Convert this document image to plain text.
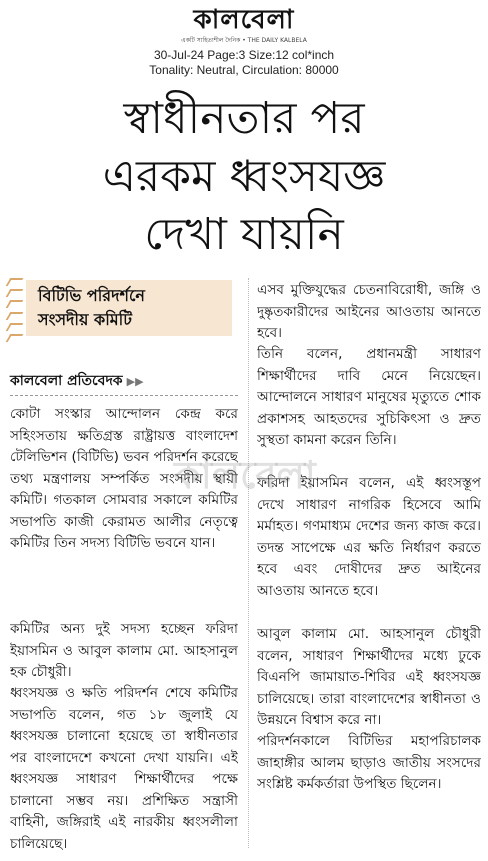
কালবেলা
একটি সাহিত্যশীল দৈনিক • THE DAILY KALBELA
30-Jul-24 Page:3 Size:12 col*inch
Tonality: Neutral, Circulation: 80000
স্বাধীনতার পর
এরকম ধ্বংসযজ্ঞ
দেখা যায়নি
বিটিভি পরিদর্শনে
সংসদীয় কমিটি
কালবেলা প্রতিবেদক ▶▶

কোটা সংস্কার আন্দোলন কেন্দ্র করে সহিংসতায় ক্ষতিগ্রস্ত রাষ্ট্রায়ত্ত বাংলাদেশ টেলিভিশন (বিটিভি) ভবন পরিদর্শন করেছে তথ্য মন্ত্রণালয় সম্পর্কিত সংসদীয় স্থায়ী কমিটি। গতকাল সোমবার সকালে কমিটির সভাপতি কাজী কেরামত আলীর নেতৃত্বে কমিটির তিন সদস্য বিটিভি ভবনে যান।

কমিটির অন্য দুই সদস্য হচ্ছেন ফরিদা ইয়াসমিন ও আবুল কালাম মো. আহসানুল হক চৌধুরী।

ধ্বংসযজ্ঞ ও ক্ষতি পরিদর্শন শেষে কমিটির সভাপতি বলেন, গত ১৮ জুলাই যে ধ্বংসযজ্ঞ চালানো হয়েছে তা স্বাধীনতার পর বাংলাদেশে কখনো দেখা যায়নি। এই ধ্বংসযজ্ঞ সাধারণ শিক্ষার্থীদের পক্ষে চালানো সম্ভব নয়। প্রশিক্ষিত সন্ত্রাসী বাহিনী, জঙ্গিরাই এই নারকীয় ধ্বংসলীলা চালিয়েছে।

এসব মুক্তিযুদ্ধের চেতনাবিরোধী, জঙ্গি ও দুষ্কৃতকারীদের আইনের আওতায় আনতে হবে।

তিনি বলেন, প্রধানমন্ত্রী সাধারণ শিক্ষার্থীদের দাবি মেনে নিয়েছেন। আন্দোলনে সাধারণ মানুষের মৃত্যুতে শোক প্রকাশসহ আহতদের সুচিকিৎসা ও দ্রুত সুস্থতা কামনা করেন তিনি।

ফরিদা ইয়াসমিন বলেন, এই ধ্বংসস্তূপ দেখে সাধারণ নাগরিক হিসেবে আমি মর্মাহত। গণমাধ্যম দেশের জন্য কাজ করে। তদন্ত সাপেক্ষে এর ক্ষতি নির্ধারণ করতে হবে এবং দোষীদের দ্রুত আইনের আওতায় আনতে হবে।

আবুল কালাম মো. আহসানুল চৌধুরী বলেন, সাধারণ শিক্ষার্থীদের মধ্যে ঢুকে বিএনপি জামায়াত-শিবির এই ধ্বংসযজ্ঞ চালিয়েছে। তারা বাংলাদেশের স্বাধীনতা ও উন্নয়নে বিশ্বাস করে না।

পরিদর্শনকালে বিটিভির মহাপরিচালক জাহাঙ্গীর আলম ছাড়াও জাতীয় সংসদের সংশ্লিষ্ট কর্মকর্তারা উপস্থিত ছিলেন।

কালবেলা
